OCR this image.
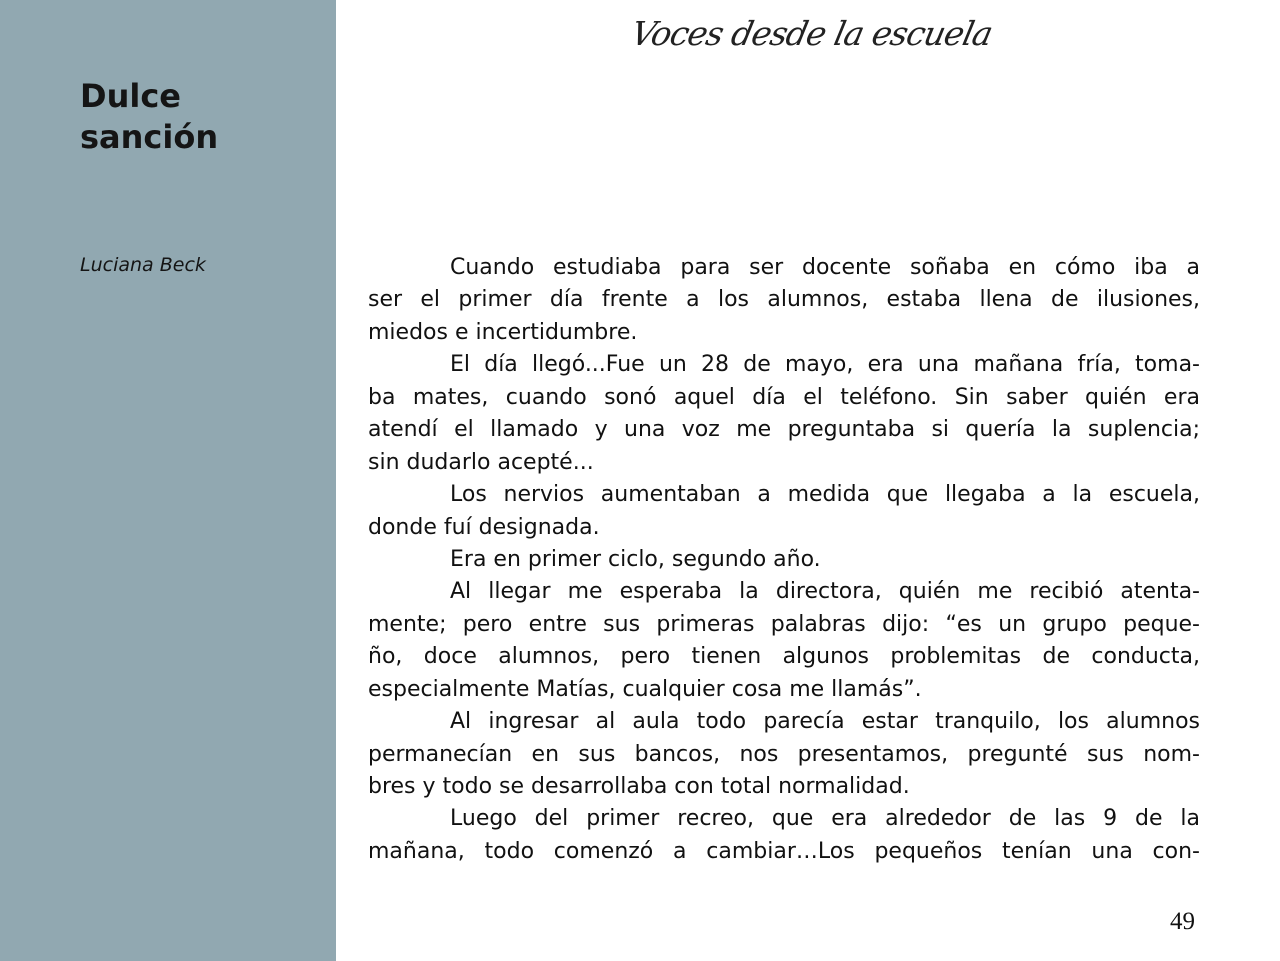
Dulce
sanción
Luciana Beck
Voces desde la escuela
Cuando estudiaba para ser docente soñaba en cómo iba a
ser el primer día frente a los alumnos, estaba llena de ilusiones,
miedos e incertidumbre.
El día llegó...Fue un 28 de mayo, era una mañana fría, toma-
ba mates, cuando sonó aquel día el teléfono. Sin saber quién era
atendí el llamado y una voz me preguntaba si quería la suplencia;
sin dudarlo acepté...
Los nervios aumentaban a medida que llegaba a la escuela,
donde fuí designada.
Era en primer ciclo, segundo año.
Al llegar me esperaba la directora, quién me recibió atenta-
mente; pero entre sus primeras palabras dijo: “es un grupo peque-
ño, doce alumnos, pero tienen algunos problemitas de conducta,
especialmente Matías, cualquier cosa me llamás”.
Al ingresar al aula todo parecía estar tranquilo, los alumnos
permanecían en sus bancos, nos presentamos, pregunté sus nom-
bres y todo se desarrollaba con total normalidad.
Luego del primer recreo, que era alrededor de las 9 de la
mañana, todo comenzó a cambiar…Los pequeños tenían una con-
49
